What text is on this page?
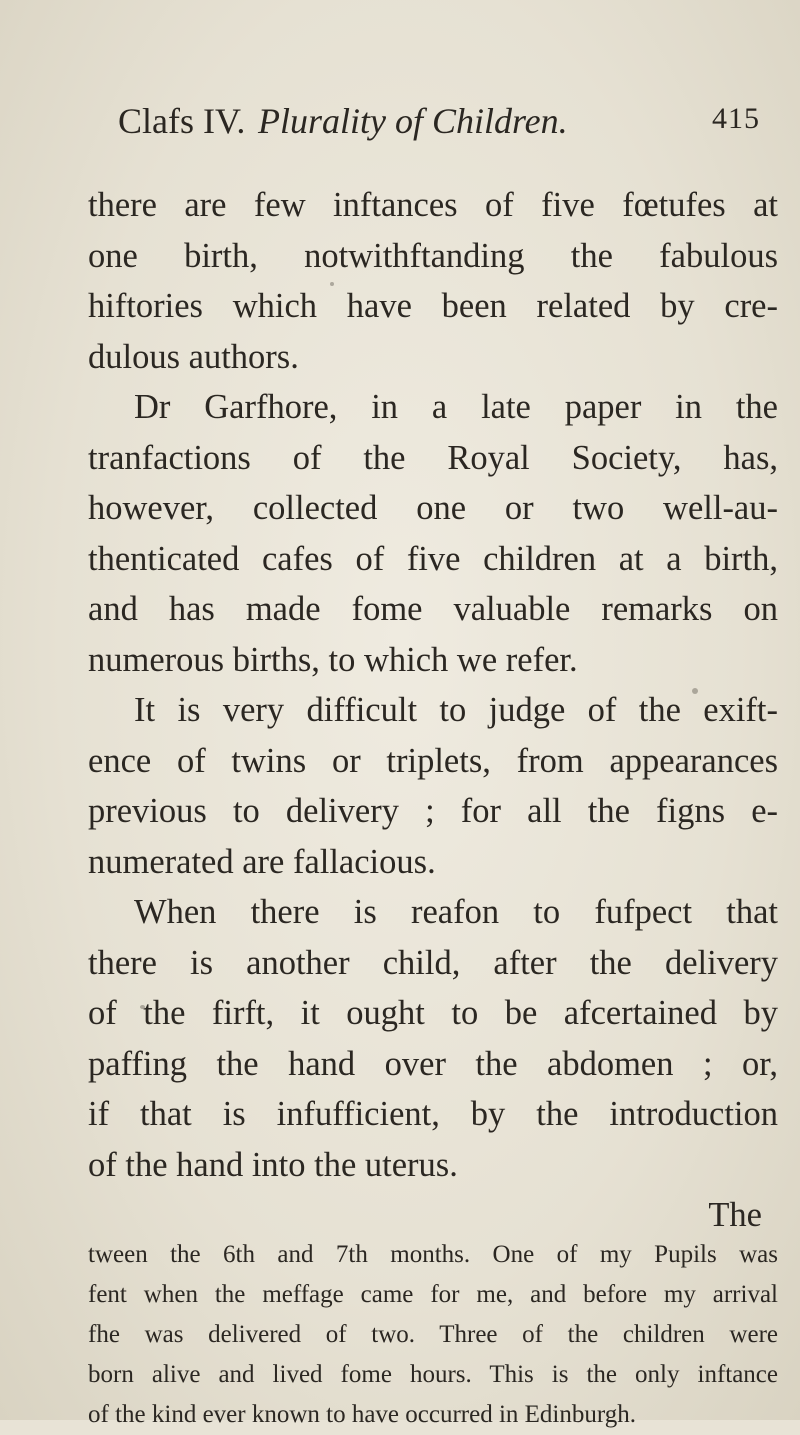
Clafs IV. Plurality of Children.	415
there are few inftances of five fœtufes at
one birth, notwithftanding the fabulous
hiftories which have been related by cre-
dulous authors.
Dr Garfhore, in a late paper in the
tranfactions of the Royal Society, has,
however, collected one or two well-au-
thenticated cafes of five children at a birth,
and has made fome valuable remarks on
numerous births, to which we refer.
It is very difficult to judge of the exift-
ence of twins or triplets, from appearances
previous to delivery ; for all the figns e-
numerated are fallacious.
When there is reafon to fufpect that
there is another child, after the delivery
of the firft, it ought to be afcertained by
paffing the hand over the abdomen ; or,
if that is infufficient, by the introduction
of the hand into the uterus.
The
tween the 6th and 7th months. One of my Pupils was
fent when the meffage came for me, and before my arrival
fhe was delivered of two. Three of the children were
born alive and lived fome hours. This is the only inftance
of the kind ever known to have occurred in Edinburgh.
